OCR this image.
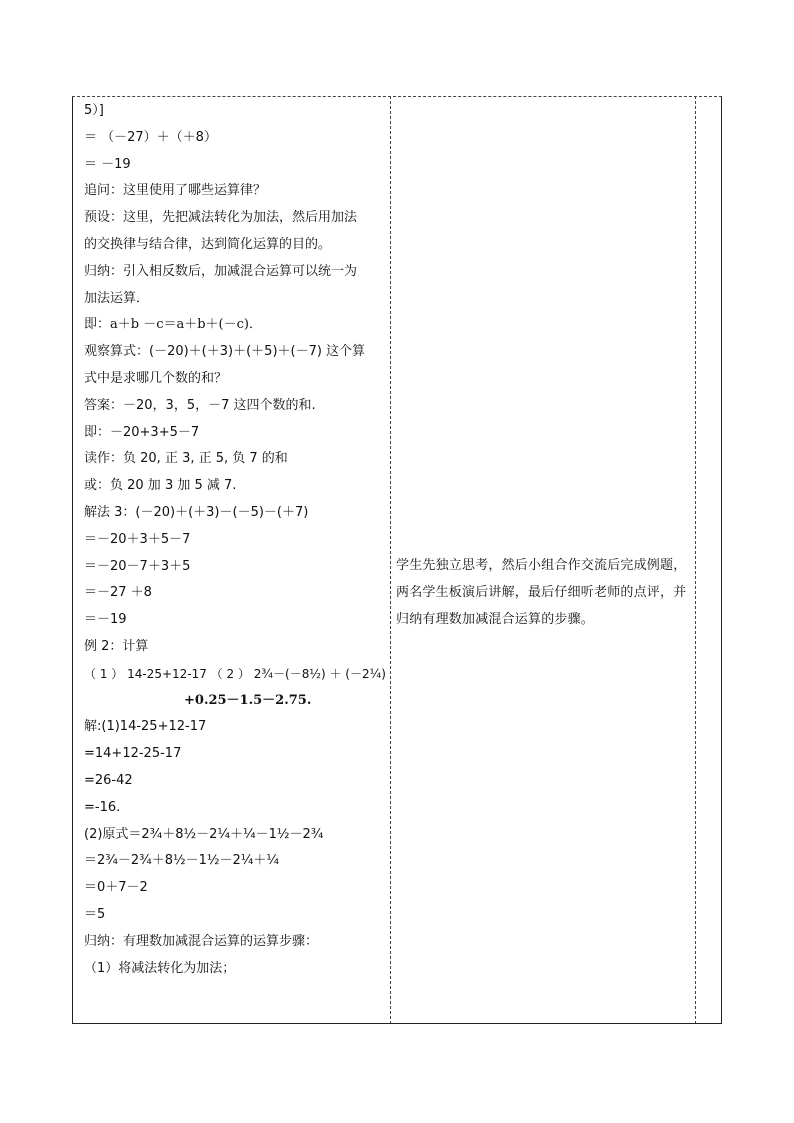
5）]
＝ （－27）＋（＋8）
＝ －19
追问：这里使用了哪些运算律？
预设：这里，先把减法转化为加法，然后用加法
的交换律与结合律，达到简化运算的目的。
归纳：引入相反数后，加减混合运算可以统一为
加法运算．
即：a＋b －c＝a＋b＋(－c)．
观察算式：(－20)＋(＋3)＋(＋5)＋(－7) 这个算
式中是求哪几个数的和？
答案：－20，3，5，－7 这四个数的和.
即：－20+3+5－7
读作：负 20, 正 3, 正 5, 负 7 的和
或：负 20 加 3 加 5 减 7.
解法 3：(－20)＋(＋3)－(－5)－(＋7)
＝－20＋3＋5－7
＝－20－7＋3＋5
＝－27 ＋8
＝－19
例 2：计算
（ 1 ） 14-25+12-17 （ 2 ） 2¾－(－8½) ＋ (－2¼)
+0.25－1.5－2.75.
解:(1)14-25+12-17
=14+12-25-17
=26-42
=-16.
(2)原式＝2¾＋8½－2¼＋¼－1½－2¾
＝2¾－2¾＋8½－1½－2¼＋¼
＝0＋7－2
＝5
归纳：有理数加减混合运算的运算步骤：
（1）将减法转化为加法；
学生先独立思考，然后小组合作交流后完成例题，两名学生板演后讲解，最后仔细听老师的点评，并归纳有理数加减混合运算的步骤。
